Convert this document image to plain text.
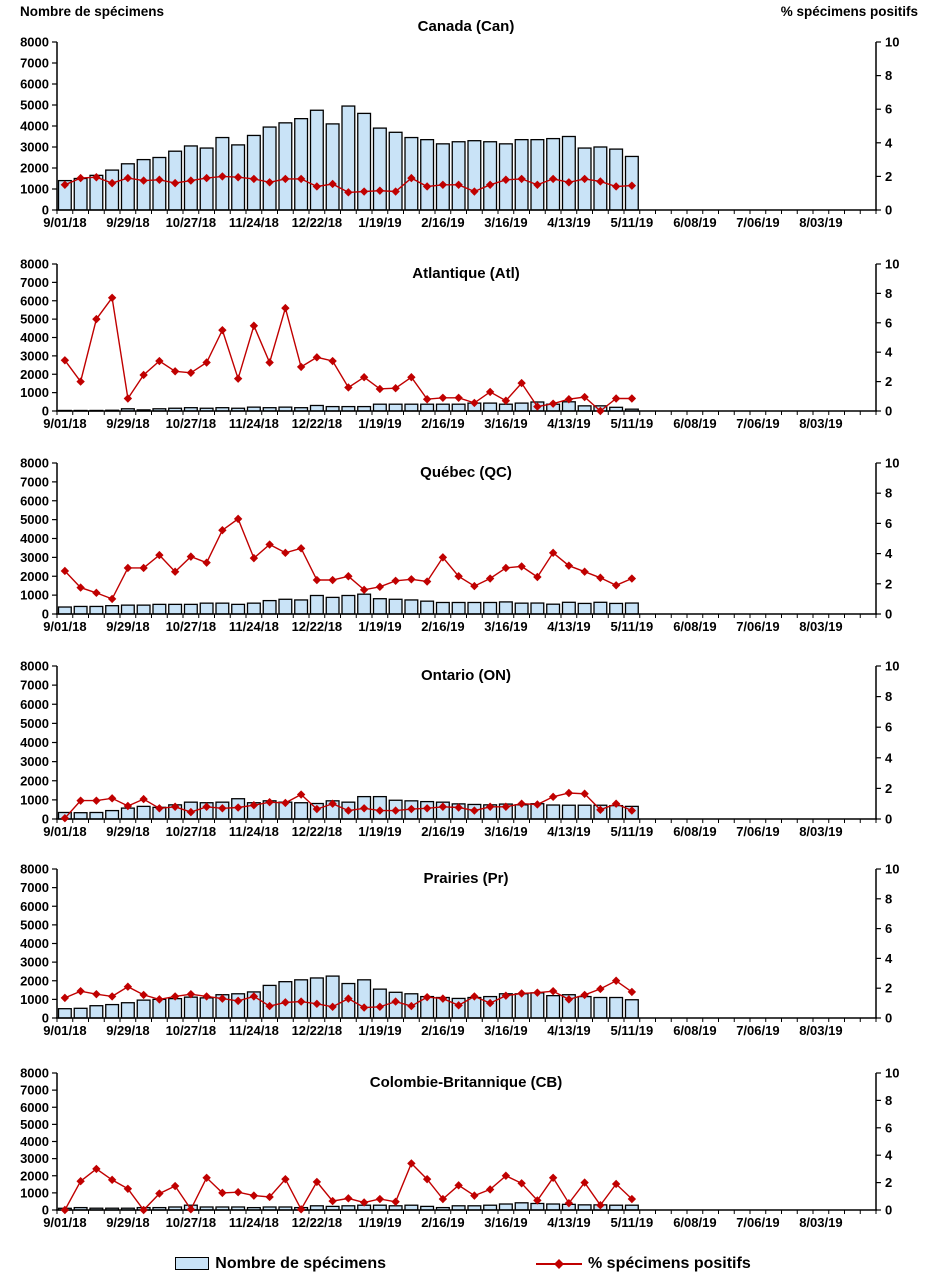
Nombre de spécimens	% spécimens positifs
0
1000
2000
3000
4000
5000
6000
7000
8000
0
2
4
6
8
10
9/01/18 9/29/18 10/27/18 11/24/18 12/22/18 1/19/19 2/16/19 3/16/19 4/13/19 5/11/19 6/08/19 7/06/19 8/03/19
Canada (Can)
0
1000
2000
3000
4000
5000
6000
7000
8000
0
2
4
6
8
10
9/01/18 9/29/18 10/27/18 11/24/18 12/22/18 1/19/19 2/16/19 3/16/19 4/13/19 5/11/19 6/08/19 7/06/19 8/03/19
Atlantique (Atl)
0
1000
2000
3000
4000
5000
6000
7000
8000
0
2
4
6
8
10
9/01/18 9/29/18 10/27/18 11/24/18 12/22/18 1/19/19 2/16/19 3/16/19 4/13/19 5/11/19 6/08/19 7/06/19 8/03/19
Québec (QC)
0
1000
2000
3000
4000
5000
6000
7000
8000
0
2
4
6
8
10
9/01/18 9/29/18 10/27/18 11/24/18 12/22/18 1/19/19 2/16/19 3/16/19 4/13/19 5/11/19 6/08/19 7/06/19 8/03/19
Ontario (ON)
0
1000
2000
3000
4000
5000
6000
7000
8000
0
2
4
6
8
10
9/01/18 9/29/18 10/27/18 11/24/18 12/22/18 1/19/19 2/16/19 3/16/19 4/13/19 5/11/19 6/08/19 7/06/19 8/03/19
Prairies (Pr)
0
1000
2000
3000
4000
5000
6000
7000
8000
0
2
4
6
8
10
9/01/18 9/29/18 10/27/18 11/24/18 12/22/18 1/19/19 2/16/19 3/16/19 4/13/19 5/11/19 6/08/19 7/06/19 8/03/19
Colombie-Britannique (CB)
Nombre de spécimens	% spécimens positifs
